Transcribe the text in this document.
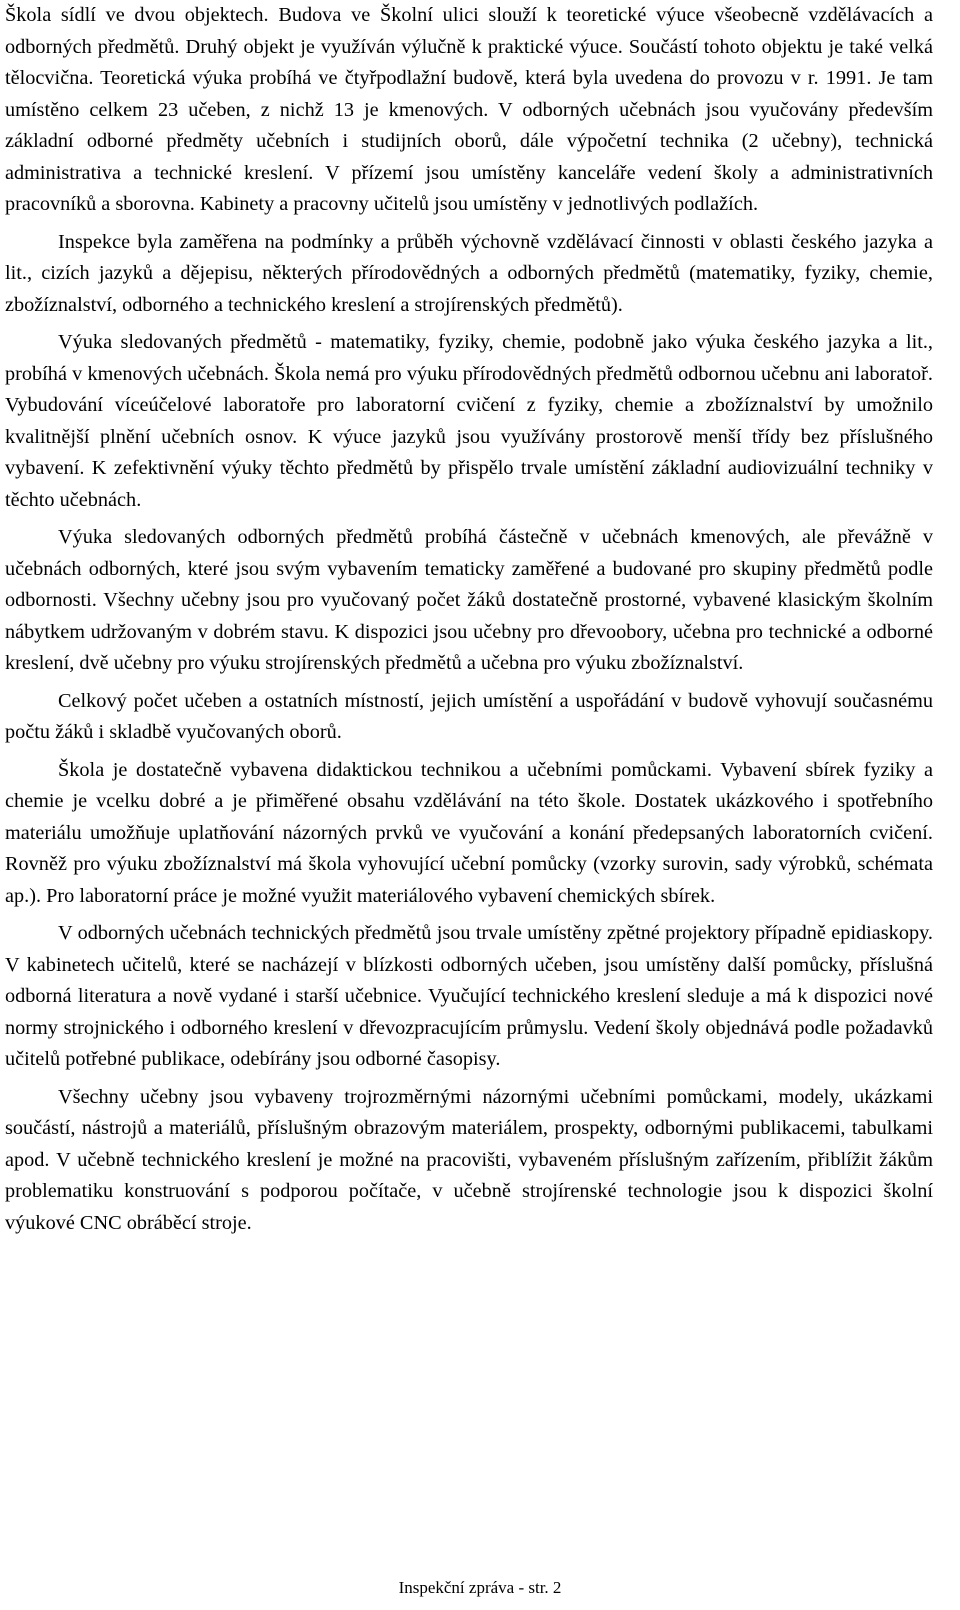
Škola sídlí ve dvou objektech. Budova ve Školní ulici slouží k teoretické výuce všeobecně vzdělávacích a odborných předmětů. Druhý objekt je využíván výlučně k praktické výuce. Součástí tohoto objektu je také velká tělocvična. Teoretická výuka probíhá ve čtyřpodlažní budově, která byla uvedena do provozu v r. 1991. Je tam umístěno celkem 23 učeben, z nichž 13 je kmenových. V odborných učebnách jsou vyučovány především základní odborné předměty učebních i studijních oborů, dále výpočetní technika (2 učebny), technická administrativa a technické kreslení. V přízemí jsou umístěny kanceláře vedení školy a administrativních pracovníků a sborovna. Kabinety a pracovny učitelů jsou umístěny v jednotlivých podlažích.

Inspekce byla zaměřena na podmínky a průběh výchovně vzdělávací činnosti v oblasti českého jazyka a lit., cizích jazyků a dějepisu, některých přírodovědných a odborných předmětů (matematiky, fyziky, chemie, zbožíznalství, odborného a technického kreslení a strojírenských předmětů).

Výuka sledovaných předmětů - matematiky, fyziky, chemie, podobně jako výuka českého jazyka a lit., probíhá v kmenových učebnách. Škola nemá pro výuku přírodovědných předmětů odbornou učebnu ani laboratoř. Vybudování víceúčelové laboratoře pro laboratorní cvičení z fyziky, chemie a zbožíznalství by umožnilo kvalitnější plnění učebních osnov. K výuce jazyků jsou využívány prostorově menší třídy bez příslušného vybavení. K zefektivnění výuky těchto předmětů by přispělo trvale umístění základní audiovizuální techniky v těchto učebnách.

Výuka sledovaných odborných předmětů probíhá částečně v učebnách kmenových, ale převážně v učebnách odborných, které jsou svým vybavením tematicky zaměřené a budované pro skupiny předmětů podle odbornosti. Všechny učebny jsou pro vyučovaný počet žáků dostatečně prostorné, vybavené klasickým školním nábytkem udržovaným v dobrém stavu. K dispozici jsou učebny pro dřevoobory, učebna pro technické a odborné kreslení, dvě učebny pro výuku strojírenských předmětů a učebna pro výuku zbožíznalství.

Celkový počet učeben a ostatních místností, jejich umístění a uspořádání v budově vyhovují současnému počtu žáků i skladbě vyučovaných oborů.

Škola je dostatečně vybavena didaktickou technikou a učebními pomůckami. Vybavení sbírek fyziky a chemie je vcelku dobré a je přiměřené obsahu vzdělávání na této škole. Dostatek ukázkového i spotřebního materiálu umožňuje uplatňování názorných prvků ve vyučování a konání předepsaných laboratorních cvičení. Rovněž pro výuku zbožíznalství má škola vyhovující učební pomůcky (vzorky surovin, sady výrobků, schémata ap.). Pro laboratorní práce je možné využit materiálového vybavení chemických sbírek.

V odborných učebnách technických předmětů jsou trvale umístěny zpětné projektory případně epidiaskopy. V kabinetech učitelů, které se nacházejí v blízkosti odborných učeben, jsou umístěny další pomůcky, příslušná odborná literatura a nově vydané i starší učebnice. Vyučující technického kreslení sleduje a má k dispozici nové normy strojnického i odborného kreslení v dřevozpracujícím průmyslu. Vedení školy objednává podle požadavků učitelů potřebné publikace, odebírány jsou odborné časopisy.

Všechny učebny jsou vybaveny trojrozměrnými názornými učebními pomůckami, modely, ukázkami součástí, nástrojů a materiálů, příslušným obrazovým materiálem, prospekty, odbornými publikacemi, tabulkami apod. V učebně technického kreslení je možné na pracovišti, vybaveném příslušným zařízením, přiblížit žákům problematiku konstruování s podporou počítače, v učebně strojírenské technologie jsou k dispozici školní výukové CNC obráběcí stroje.

Inspekční zpráva - str. 2
